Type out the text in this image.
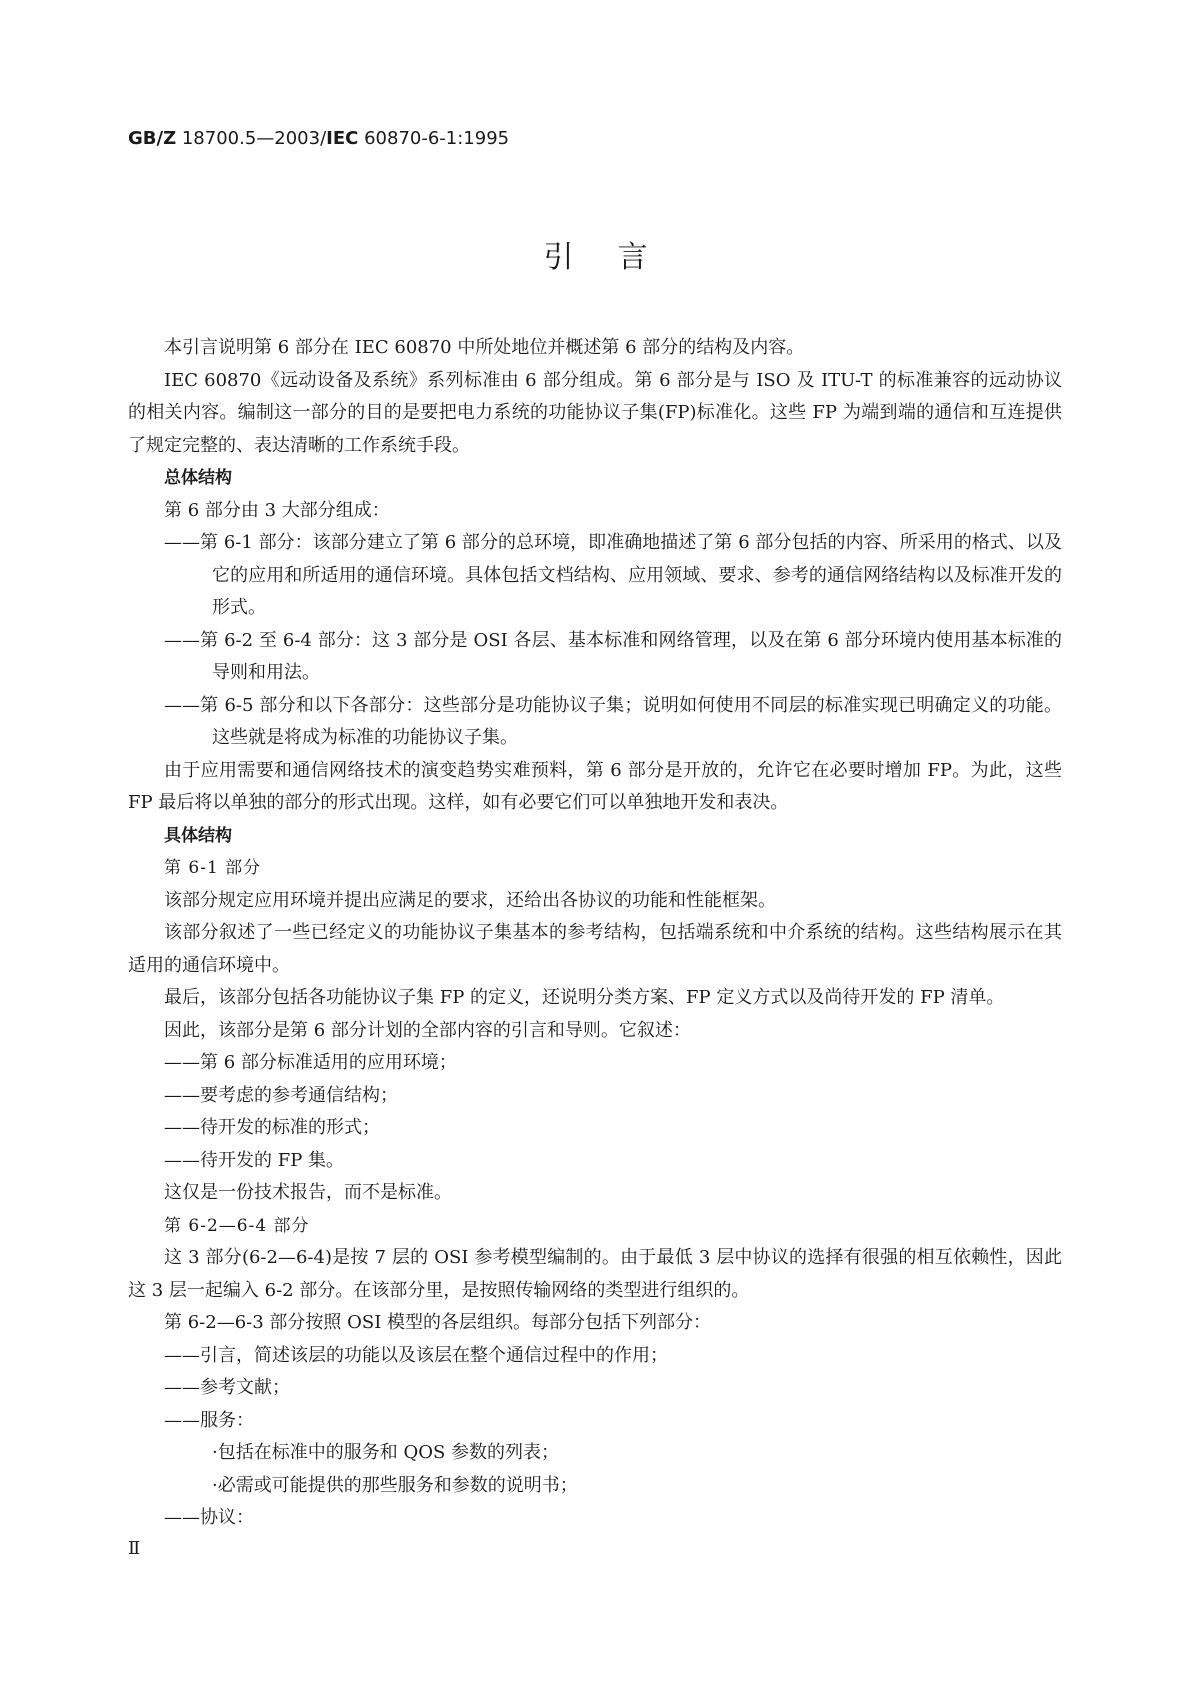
GB/Z 18700.5—2003/IEC 60870-6-1:1995
引言

本引言说明第 6 部分在 IEC 60870 中所处地位并概述第 6 部分的结构及内容。

IEC 60870《远动设备及系统》系列标准由 6 部分组成。第 6 部分是与 ISO 及 ITU-T 的标准兼容的远动协议的相关内容。编制这一部分的目的是要把电力系统的功能协议子集(FP)标准化。这些 FP 为端到端的通信和互连提供了规定完整的、表达清晰的工作系统手段。

总体结构

第 6 部分由 3 大部分组成：

——第 6-1 部分：该部分建立了第 6 部分的总环境，即准确地描述了第 6 部分包括的内容、所采用的格式、以及它的应用和所适用的通信环境。具体包括文档结构、应用领域、要求、参考的通信网络结构以及标准开发的形式。

——第 6-2 至 6-4 部分：这 3 部分是 OSI 各层、基本标准和网络管理，以及在第 6 部分环境内使用基本标准的导则和用法。

——第 6-5 部分和以下各部分：这些部分是功能协议子集；说明如何使用不同层的标准实现已明确定义的功能。这些就是将成为标准的功能协议子集。

由于应用需要和通信网络技术的演变趋势实难预料，第 6 部分是开放的，允许它在必要时增加 FP。为此，这些 FP 最后将以单独的部分的形式出现。这样，如有必要它们可以单独地开发和表决。

具体结构

第 6-1 部分

该部分规定应用环境并提出应满足的要求，还给出各协议的功能和性能框架。

该部分叙述了一些已经定义的功能协议子集基本的参考结构，包括端系统和中介系统的结构。这些结构展示在其适用的通信环境中。

最后，该部分包括各功能协议子集 FP 的定义，还说明分类方案、FP 定义方式以及尚待开发的 FP 清单。

因此，该部分是第 6 部分计划的全部内容的引言和导则。它叙述：

——第 6 部分标准适用的应用环境；

——要考虑的参考通信结构；

——待开发的标准的形式；

——待开发的 FP 集。

这仅是一份技术报告，而不是标准。

第 6-2—6-4 部分

这 3 部分(6-2—6-4)是按 7 层的 OSI 参考模型编制的。由于最低 3 层中协议的选择有很强的相互依赖性，因此这 3 层一起编入 6-2 部分。在该部分里，是按照传输网络的类型进行组织的。

第 6-2—6-3 部分按照 OSI 模型的各层组织。每部分包括下列部分：

——引言，简述该层的功能以及该层在整个通信过程中的作用；

——参考文献；

——服务：

·包括在标准中的服务和 QOS 参数的列表；

·必需或可能提供的那些服务和参数的说明书；

——协议：

Ⅱ
